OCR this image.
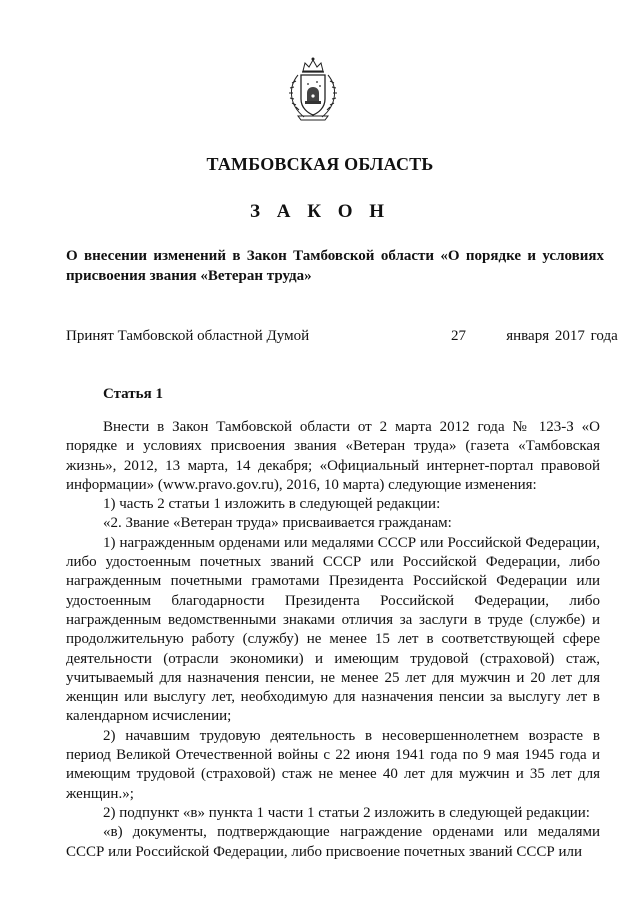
ТАМБОВСКАЯ ОБЛАСТЬ
З А К О Н
О внесении изменений в Закон Тамбовской области «О порядке и условиях присвоения звания «Ветеран труда»
Принят Тамбовской областной Думой	27	января 2017 года
Статья 1

Внести в Закон Тамбовской области от 2 марта 2012 года № 123-З «О порядке и условиях присвоения звания «Ветеран труда» (газета «Тамбовская жизнь», 2012, 13 марта, 14 декабря; «Официальный интернет-портал правовой информации» (www.pravo.gov.ru), 2016, 10 марта) следующие изменения:

1) часть 2 статьи 1 изложить в следующей редакции:

«2. Звание «Ветеран труда» присваивается гражданам:

1) награжденным орденами или медалями СССР или Российской Федерации, либо удостоенным почетных званий СССР или Российской Федерации, либо награжденным почетными грамотами Президента Российской Федерации или удостоенным благодарности Президента Российской Федерации, либо награжденным ведомственными знаками отличия за заслуги в труде (службе) и продолжительную работу (службу) не менее 15 лет в соответствующей сфере деятельности (отрасли экономики) и имеющим трудовой (страховой) стаж, учитываемый для назначения пенсии, не менее 25 лет для мужчин и 20 лет для женщин или выслугу лет, необходимую для назначения пенсии за выслугу лет в календарном исчислении;

2) начавшим трудовую деятельность в несовершеннолетнем возрасте в период Великой Отечественной войны с 22 июня 1941 года по 9 мая 1945 года и имеющим трудовой (страховой) стаж не менее 40 лет для мужчин и 35 лет для женщин.»;

2) подпункт «в» пункта 1 части 1 статьи 2 изложить в следующей редакции:

«в) документы, подтверждающие награждение орденами или медалями СССР или Российской Федерации, либо присвоение почетных званий СССР или
